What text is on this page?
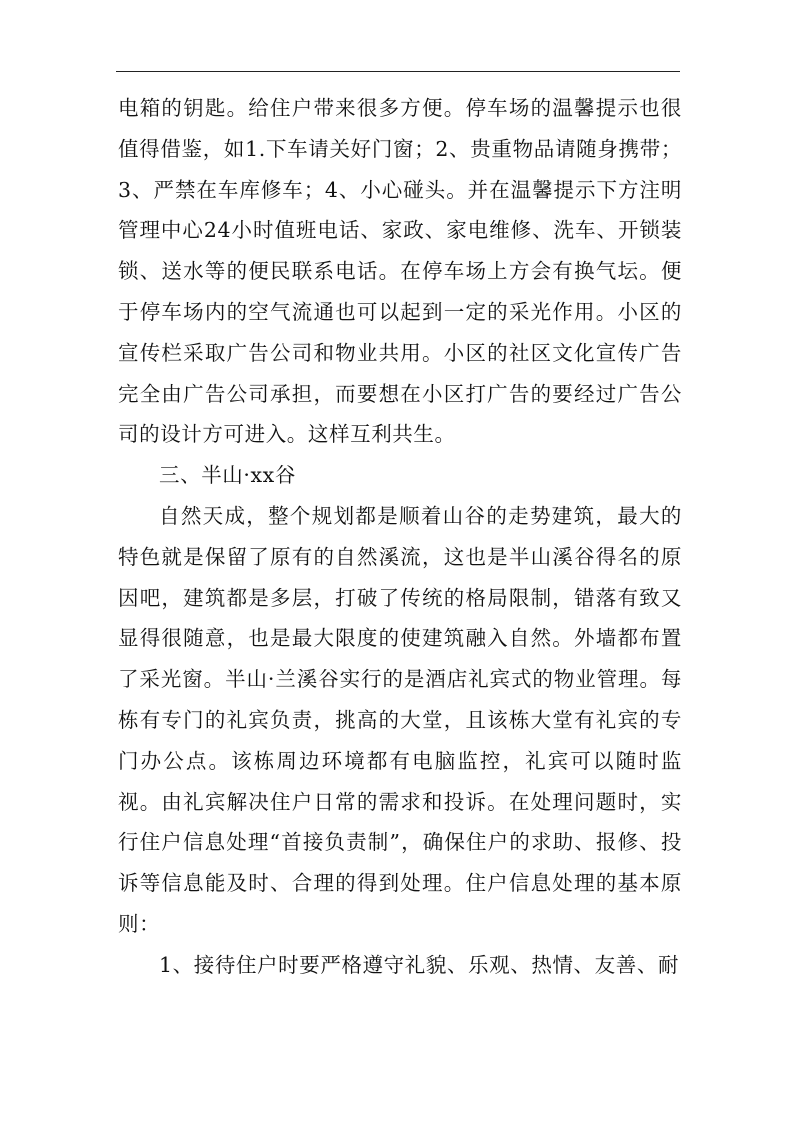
电箱的钥匙。给住户带来很多方便。停车场的温馨提示也很值得借鉴，如1.下车请关好门窗；2、贵重物品请随身携带；3、严禁在车库修车；4、小心碰头。并在温馨提示下方注明管理中心24小时值班电话、家政、家电维修、洗车、开锁装锁、送水等的便民联系电话。在停车场上方会有换气坛。便于停车场内的空气流通也可以起到一定的采光作用。小区的宣传栏采取广告公司和物业共用。小区的社区文化宣传广告完全由广告公司承担，而要想在小区打广告的要经过广告公司的设计方可进入。这样互利共生。

三、半山·xx谷

自然天成，整个规划都是顺着山谷的走势建筑，最大的特色就是保留了原有的自然溪流，这也是半山溪谷得名的原因吧，建筑都是多层，打破了传统的格局限制，错落有致又显得很随意，也是最大限度的使建筑融入自然。外墙都布置了采光窗。半山·兰溪谷实行的是酒店礼宾式的物业管理。每栋有专门的礼宾负责，挑高的大堂，且该栋大堂有礼宾的专门办公点。该栋周边环境都有电脑监控，礼宾可以随时监视。由礼宾解决住户日常的需求和投诉。在处理问题时，实行住户信息处理“首接负责制”，确保住户的求助、报修、投诉等信息能及时、合理的得到处理。住户信息处理的基本原则：

1、接待住户时要严格遵守礼貌、乐观、热情、友善、耐
